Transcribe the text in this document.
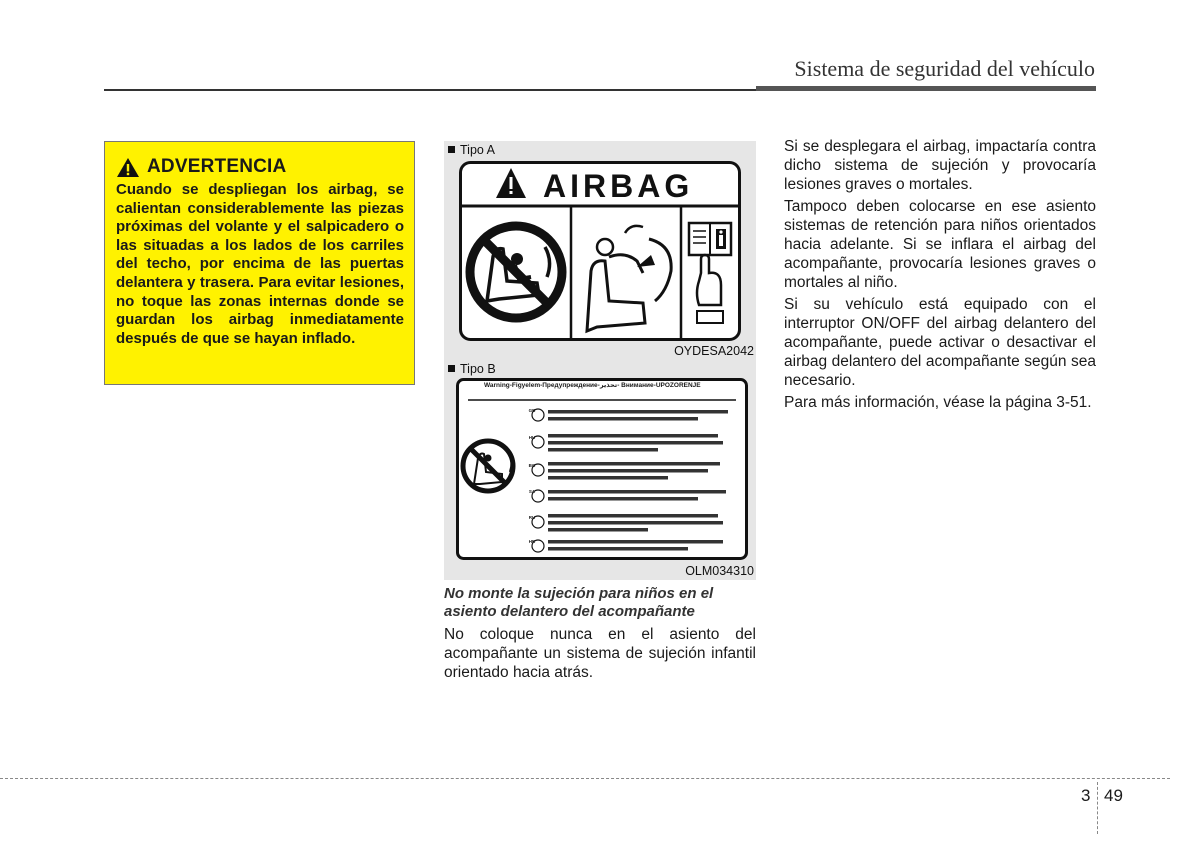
Sistema de seguridad del vehículo
ADVERTENCIA
Cuando se despliegan los airbag, se calientan considerablemente las piezas próximas del volante y el salpicadero o las situadas a los lados de los carriles del techo, por encima de las puertas delantera y trasera. Para evitar lesiones, no toque las zonas internas donde se guardan los airbag inmediatamente después de que se hayan inflado.
Tipo A
AIRBAG
OYDESA2042
Tipo B
Warning-Figyelem-Предупреждение-تحذير- Внимание-UPOZORENJE
GB
HU
BG
SA
RU
HR
OLM034310
No monte la sujeción para niños en el asiento delantero del acompañante
No coloque nunca en el asiento del acompañante un sistema de sujeción infantil orientado hacia atrás.

Si se desplegara el airbag, impactaría contra dicho sistema de sujeción y provocaría lesiones graves o mortales.

Tampoco deben colocarse en ese asiento sistemas de retención para niños orientados hacia adelante. Si se inflara el airbag del acompañante, provocaría lesiones graves o mortales al niño.

Si su vehículo está equipado con el interruptor ON/OFF del airbag delantero del acompañante, puede activar o desactivar el airbag delantero del acompañante según sea necesario.

Para más información, véase la página 3-51.

3 49
